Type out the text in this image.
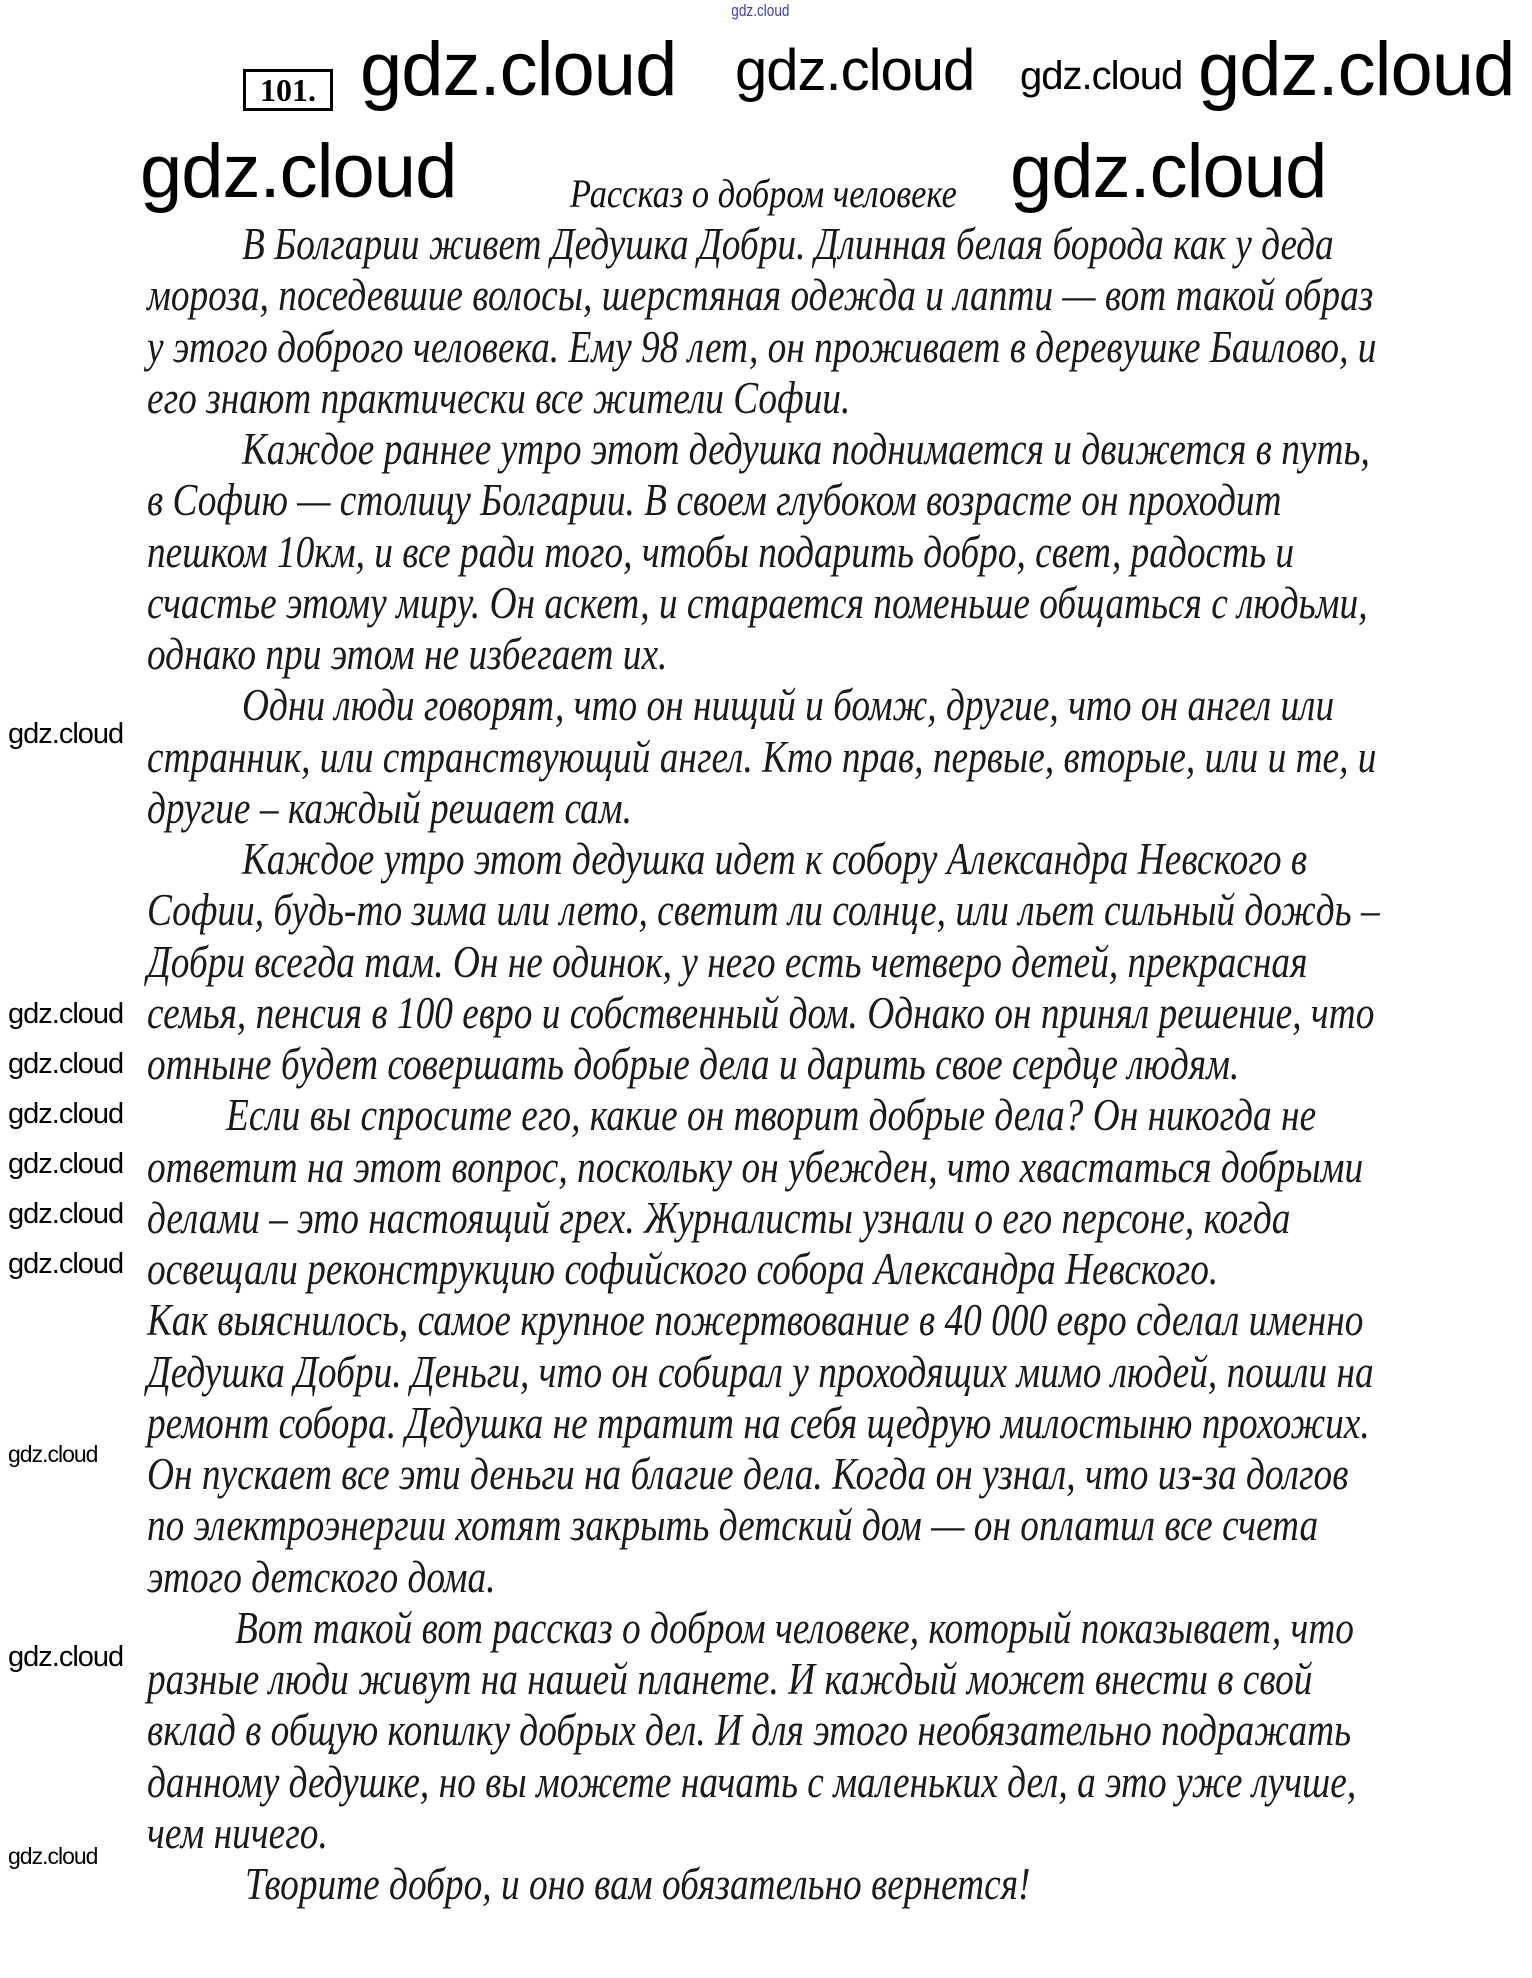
gdz.cloud
101.
Рассказ о добром человеке
В Болгарии живет Дедушка Добри. Длинная белая борода как у деда
мороза, поседевшие волосы, шерстяная одежда и лапти — вот такой образ
у этого доброго человека. Ему 98 лет, он проживает в деревушке Баилово, и
его знают практически все жители Софии.
Каждое раннее утро этот дедушка поднимается и движется в путь,
в Софию — столицу Болгарии. В своем глубоком возрасте он проходит
пешком 10км, и все ради того, чтобы подарить добро, свет, радость и
счастье этому миру. Он аскет, и старается поменьше общаться с людьми,
однако при этом не избегает их.
Одни люди говорят, что он нищий и бомж, другие, что он ангел или
странник, или странствующий ангел. Кто прав, первые, вторые, или и те, и
другие – каждый решает сам.
Каждое утро этот дедушка идет к собору Александра Невского в
Софии, будь-то зима или лето, светит ли солнце, или льет сильный дождь –
Добри всегда там. Он не одинок, у него есть четверо детей, прекрасная
семья, пенсия в 100 евро и собственный дом. Однако он принял решение, что
отныне будет совершать добрые дела и дарить свое сердце людям.
Если вы спросите его, какие он творит добрые дела? Он никогда не
ответит на этот вопрос, поскольку он убежден, что хвастаться добрыми
делами – это настоящий грех. Журналисты узнали о его персоне, когда
освещали реконструкцию софийского собора Александра Невского.
Как выяснилось, самое крупное пожертвование в 40 000 евро сделал именно
Дедушка Добри. Деньги, что он собирал у проходящих мимо людей, пошли на
ремонт собора. Дедушка не тратит на себя щедрую милостыню прохожих.
Он пускает все эти деньги на благие дела. Когда он узнал, что из-за долгов
по электроэнергии хотят закрыть детский дом — он оплатил все счета
этого детского дома.
Вот такой вот рассказ о добром человеке, который показывает, что
разные люди живут на нашей планете. И каждый может внести в свой
вклад в общую копилку добрых дел. И для этого необязательно подражать
данному дедушке, но вы можете начать с маленьких дел, а это уже лучше,
чем ничего.
Творите добро, и оно вам обязательно вернется!
gdz.cloud	gdz.cloud
gdz.cloud gdz.cloud gdz.cloud gdz.cloud
gdz.cloud
gdz.cloud
gdz.cloud
gdz.cloud
gdz.cloud
gdz.cloud
gdz.cloud
gdz.cloud
gdz.cloud
gdz.cloud
